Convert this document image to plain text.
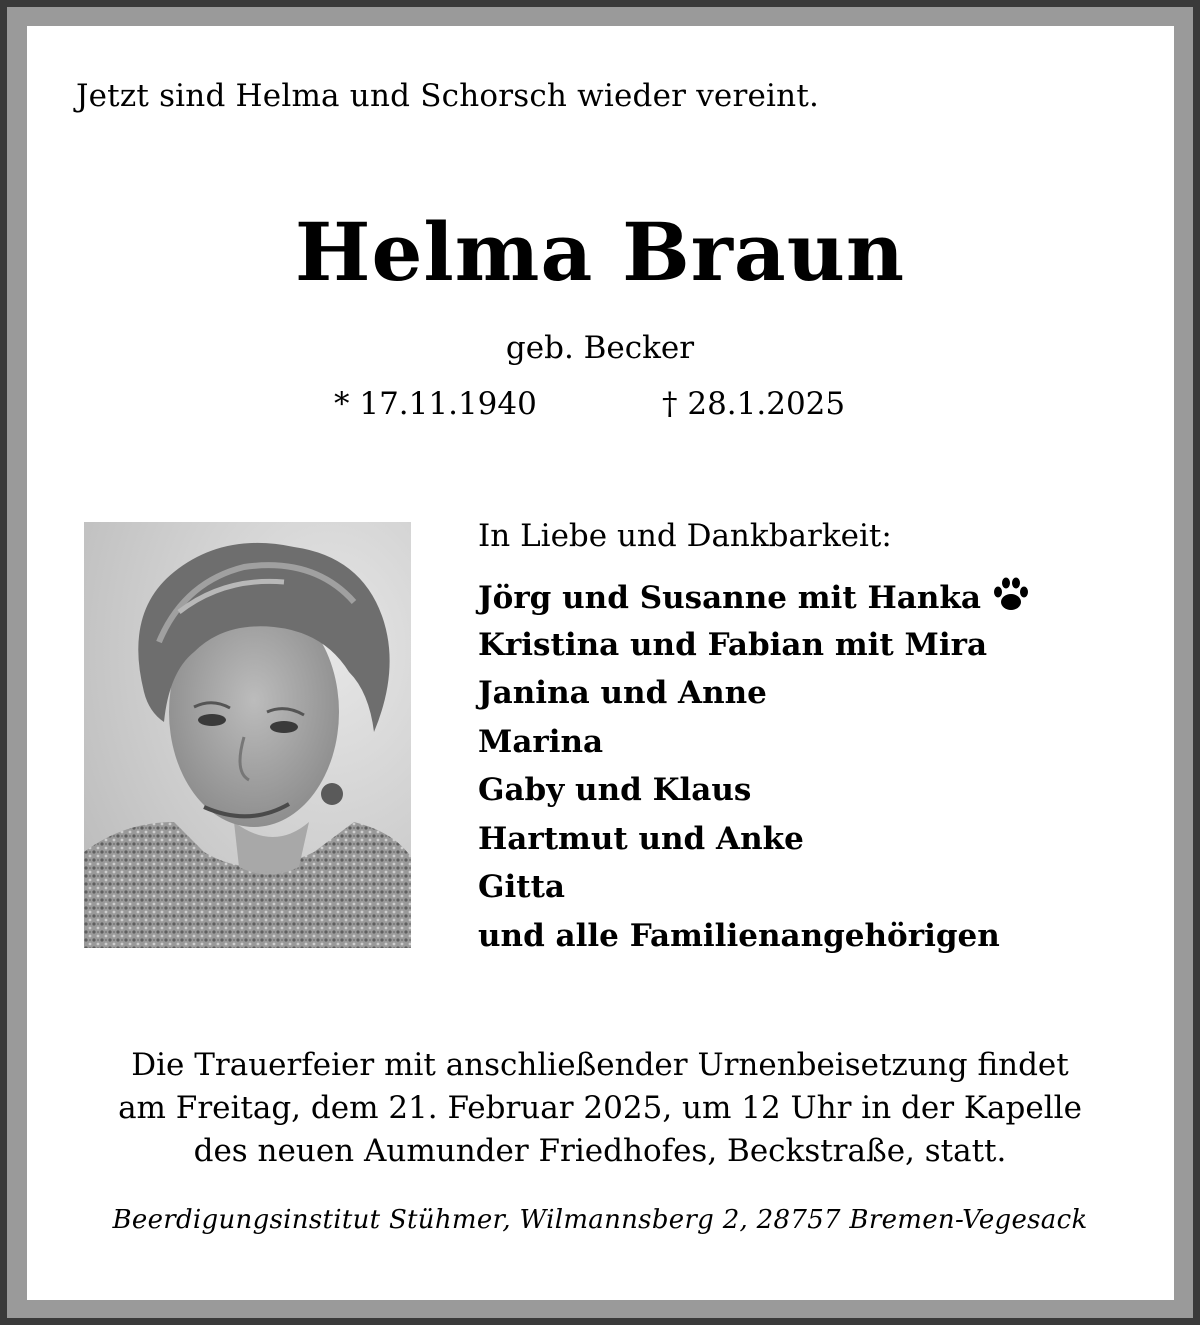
Jetzt sind Helma und Schorsch wieder vereint.
Helma Braun
geb. Becker
* 17.11.1940	† 28.1.2025
In Liebe und Dankbarkeit:
Jörg und Susanne mit Hanka
Kristina und Fabian mit Mira
Janina und Anne
Marina
Gaby und Klaus
Hartmut und Anke
Gitta
und alle Familienangehörigen
Die Trauerfeier mit anschließender Urnenbeisetzung findet
am Freitag, dem 21. Februar 2025, um 12 Uhr in der Kapelle
des neuen Aumunder Friedhofes, Beckstraße, statt.
Beerdigungsinstitut Stühmer, Wilmannsberg 2, 28757 Bremen-Vegesack
